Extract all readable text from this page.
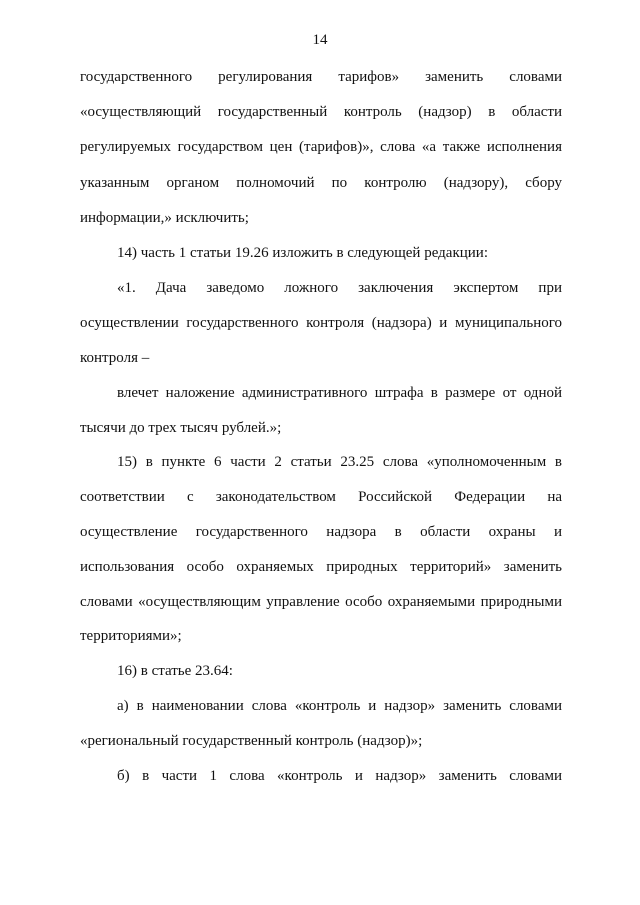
14
государственного регулирования тарифов» заменить словами
«осуществляющий государственный контроль (надзор) в области
регулируемых государством цен (тарифов)», слова «а также исполнения
указанным органом полномочий по контролю (надзору), сбору
информации,» исключить;
14) часть 1 статьи 19.26 изложить в следующей редакции:
«1. Дача заведомо ложного заключения экспертом при
осуществлении государственного контроля (надзора) и муниципального
контроля –
влечет наложение административного штрафа в размере от одной
тысячи до трех тысяч рублей.»;
15) в пункте 6 части 2 статьи 23.25 слова «уполномоченным в
соответствии с законодательством Российской Федерации на
осуществление государственного надзора в области охраны и
использования особо охраняемых природных территорий» заменить
словами «осуществляющим управление особо охраняемыми природными
территориями»;
16) в статье 23.64:
а) в наименовании слова «контроль и надзор» заменить словами
«региональный государственный контроль (надзор)»;
б) в части 1 слова «контроль и надзор» заменить словами
